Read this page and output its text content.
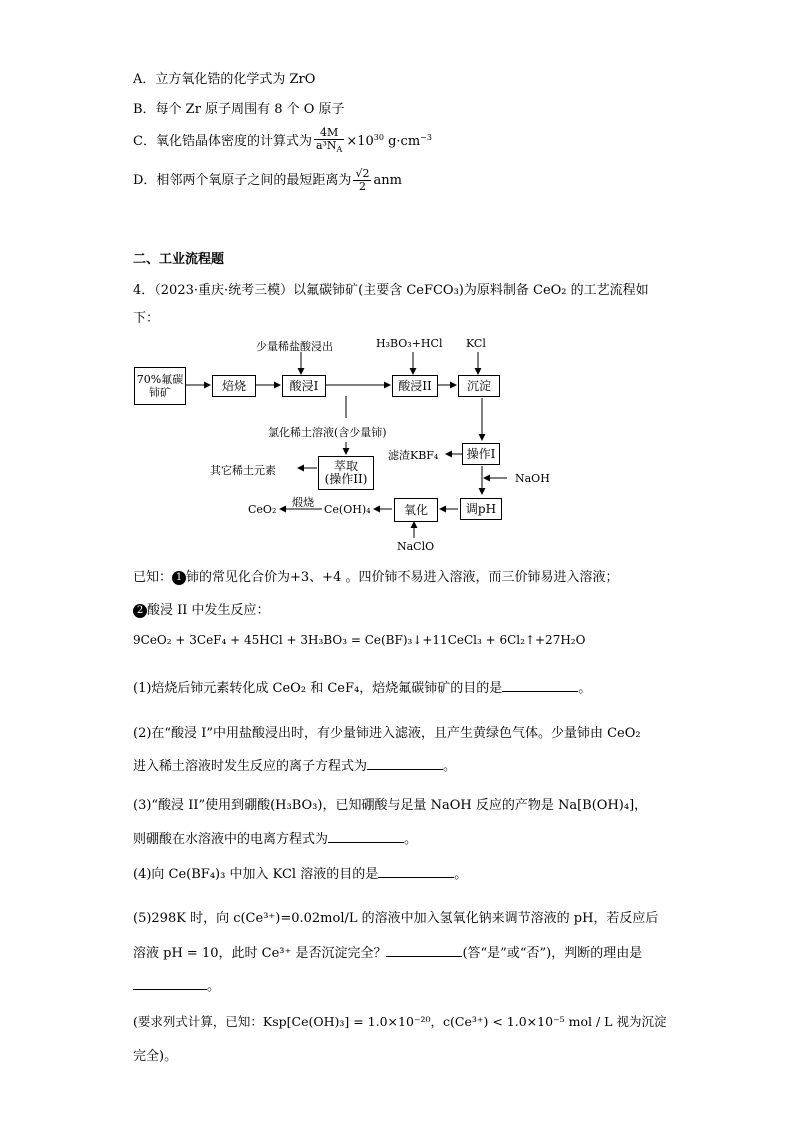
A．立方氧化锆的化学式为 ZrO
B．每个 Zr 原子周围有 8 个 O 原子
C．氧化锆晶体密度的计算式为 $\frac{4M}{a^3N_A} \times 10^{30}$ $g\cdot cm^{-3}$
D．相邻两个氧原子之间的最短距离为 $\frac{√2}{2}$ anm
二、工业流程题
4．（2023·重庆·统考三模）以氟碳铈矿(主要含 CeFCO₃)为原料制备 CeO₂ 的工艺流程如
下：
70%氟碳铈矿	焙烧	酸浸I	酸浸II	沉淀
操作I
萃取
(操作II)
调pH
氧化
少量稀盐酸浸出	H₃BO₃+HCl KCl
氯化稀土溶液(含少量铈)
滤渣KBF₄
NaOH
其它稀土元素
煅烧
Ce(OH)₄
CeO₂
NaClO
已知： 1 铈的常见化合价为+3、+4 。四价铈不易进入溶液，而三价铈易进入溶液；
2 酸浸 II 中发生反应：
9CeO₂ + 3CeF₄ + 45HCl + 3H₃BO₃ = Ce(BF)₃↓+11CeCl₃ + 6Cl₂↑+27H₂O
(1)焙烧后铈元素转化成 CeO₂ 和 CeF₄，焙烧氟碳铈矿的目的是	。
(2)在“酸浸 I”中用盐酸浸出时，有少量铈进入滤液，且产生黄绿色气体。少量铈由 CeO₂
进入稀土溶液时发生反应的离子方程式为	。
(3)“酸浸 II”使用到硼酸(H₃BO₃)，已知硼酸与足量 NaOH 反应的产物是 Na[B(OH)₄]，
则硼酸在水溶液中的电离方程式为	。
(4)向 Ce(BF₄)₃ 中加入 KCl 溶液的目的是	。
(5)298K 时，向 c(Ce³⁺)=0.02mol/L 的溶液中加入氢氧化钠来调节溶液的 pH，若反应后
溶液 pH = 10，此时 Ce³⁺ 是否沉淀完全？	(答“是”或“否”)，判断的理由是
。
(要求列式计算，已知：Ksp[Ce(OH)₃] = 1.0×10⁻²⁰，c(Ce³⁺) < 1.0×10⁻⁵ mol / L 视为沉淀
完全)。
